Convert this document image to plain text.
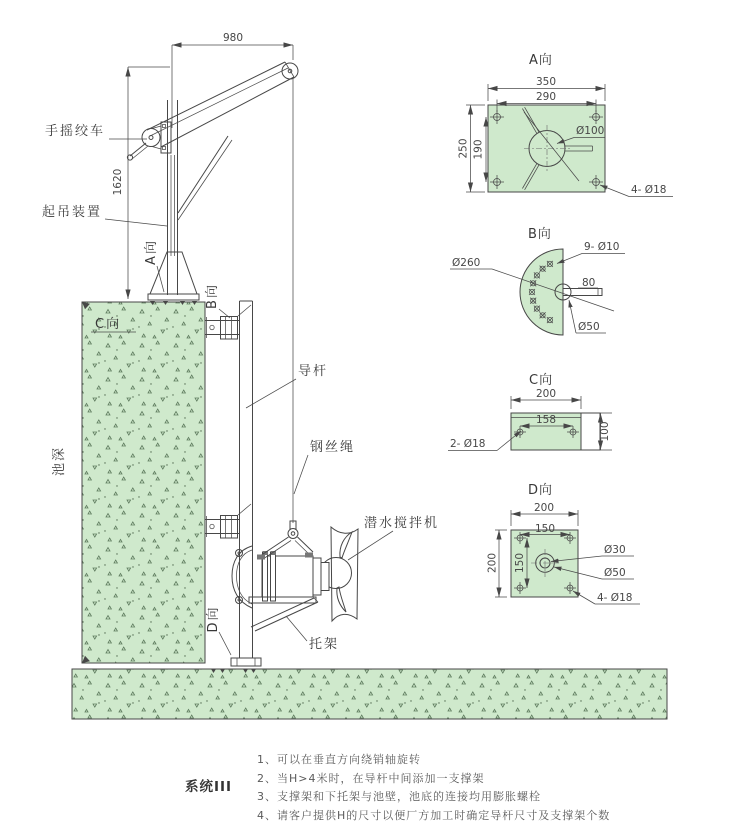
980
1620
手摇绞车
起吊装置
A向
C向
池深
B向
D向
导杆
钢丝绳
潜水搅拌机
托架
A向
350
290
250 190
Ø100
4- Ø18
B向
Ø260
9- Ø10
80
Ø50
C向
200
158
100
2- Ø18
D向
200
150
200 150
Ø30
Ø50
4- Ø18
系统III
1、可以在垂直方向绕销轴旋转
2、当H>4米时，在导杆中间添加一支撑架
3、支撑架和下托架与池壁，池底的连接均用膨胀螺栓
4、请客户提供H的尺寸以便厂方加工时确定导杆尺寸及支撑架个数
